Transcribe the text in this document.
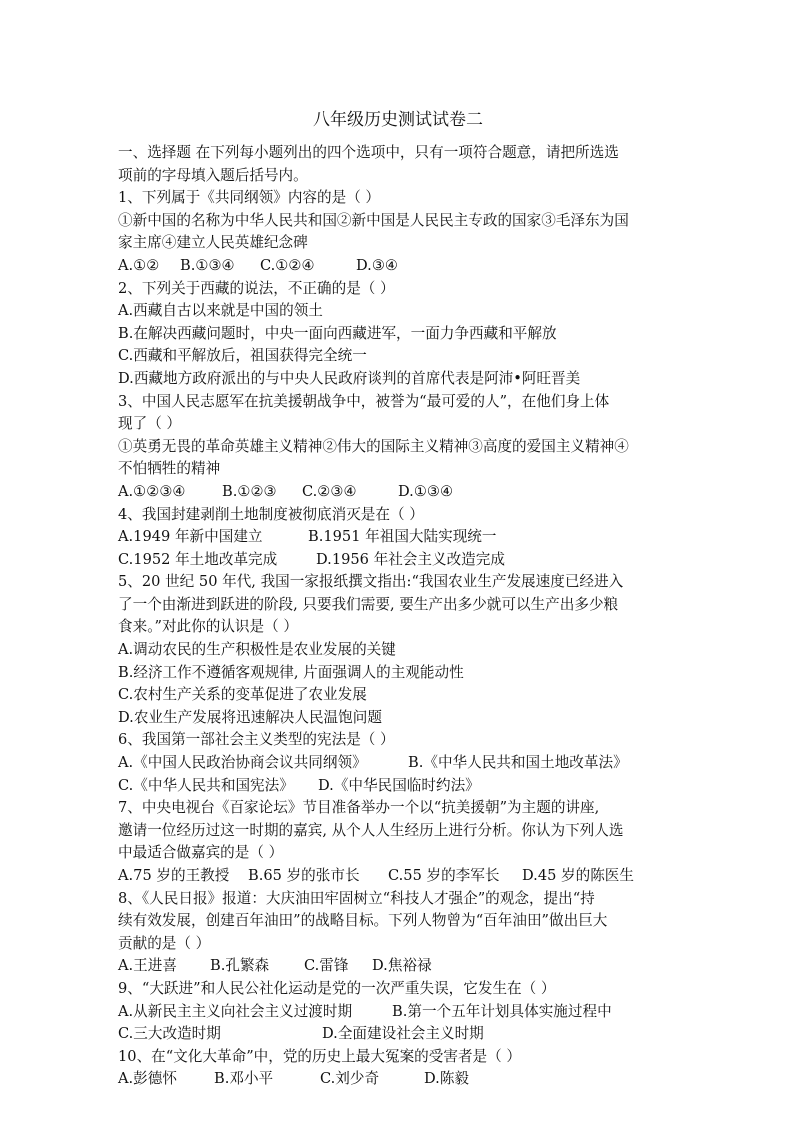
八年级历史测试试卷二
一、选择题 在下列每小题列出的四个选项中，只有一项符合题意，请把所选选
项前的字母填入题后括号内。
1、下列属于《共同纲领》内容的是（ ）
①新中国的名称为中华人民共和国②新中国是人民民主专政的国家③毛泽东为国
家主席④建立人民英雄纪念碑
A.①②	B.①③④	C.①②④	D.③④
2、下列关于西藏的说法，不正确的是（ ）
A.西藏自古以来就是中国的领土
B.在解决西藏问题时，中央一面向西藏进军，一面力争西藏和平解放
C.西藏和平解放后，祖国获得完全统一
D.西藏地方政府派出的与中央人民政府谈判的首席代表是阿沛•阿旺晋美
3、中国人民志愿军在抗美援朝战争中，被誉为“最可爱的人”，在他们身上体
现了（ ）
①英勇无畏的革命英雄主义精神②伟大的国际主义精神③高度的爱国主义精神④
不怕牺牲的精神
A.①②③④	B.①②③	C.②③④	D.①③④
4、我国封建剥削土地制度被彻底消灭是在（ ）
A.1949 年新中国建立	B.1951 年祖国大陆实现统一
C.1952 年土地改革完成	D.1956 年社会主义改造完成
5、20 世纪 50 年代, 我国一家报纸撰文指出:“我国农业生产发展速度已经进入
了一个由渐进到跃进的阶段, 只要我们需要, 要生产出多少就可以生产出多少粮
食来。”对此你的认识是（ ）
A.调动农民的生产积极性是农业发展的关键
B.经济工作不遵循客观规律, 片面强调人的主观能动性
C.农村生产关系的变革促进了农业发展
D.农业生产发展将迅速解决人民温饱问题
6、我国第一部社会主义类型的宪法是（ ）
A.《中国人民政治协商会议共同纲领》	B.《中华人民共和国土地改革法》
C.《中华人民共和国宪法》	D.《中华民国临时约法》
7、中央电视台《百家论坛》节目准备举办一个以“抗美援朝”为主题的讲座,
邀请一位经历过这一时期的嘉宾, 从个人人生经历上进行分析。你认为下列人选
中最适合做嘉宾的是（ ）
A.75 岁的王教授	B.65 岁的张市长	C.55 岁的李军长	D.45 岁的陈医生
8、《人民日报》报道：大庆油田牢固树立“科技人才强企”的观念，提出“持
续有效发展，创建百年油田”的战略目标。下列人物曾为“百年油田”做出巨大
贡献的是（ ）
A.王进喜	B.孔繁森	C.雷锋	D.焦裕禄
9、“大跃进”和人民公社化运动是党的一次严重失误，它发生在（ ）
A.从新民主主义向社会主义过渡时期	B.第一个五年计划具体实施过程中
C.三大改造时期	D.全面建设社会主义时期
10、在“文化大革命”中，党的历史上最大冤案的受害者是（ ）
A.彭德怀	B.邓小平	C.刘少奇	D.陈毅
